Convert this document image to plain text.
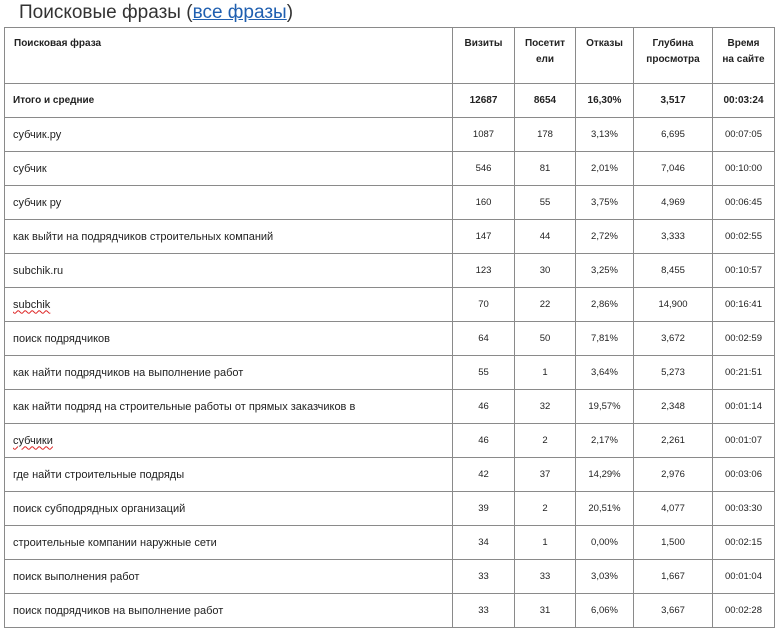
Поисковые фразы (все фразы)
Поисковая фраза	Визиты	Посетители	Отказы	Глубина просмотра	Время на сайте
Итого и средние	12687	8654	16,30%	3,517	00:03:24
субчик.ру	1087	178	3,13%	6,695	00:07:05
субчик	546	81	2,01%	7,046	00:10:00
субчик ру	160	55	3,75%	4,969	00:06:45
как выйти на подрядчиков строительных компаний	147	44	2,72%	3,333	00:02:55
subchik.ru	123	30	3,25%	8,455	00:10:57
subchik	70	22	2,86%	14,900	00:16:41
поиск подрядчиков	64	50	7,81%	3,672	00:02:59
как найти подрядчиков на выполнение работ	55	1	3,64%	5,273	00:21:51
как найти подряд на строительные работы от прямых заказчиков в	46	32	19,57%	2,348	00:01:14
субчики	46	2	2,17%	2,261	00:01:07
где найти строительные подряды	42	37	14,29%	2,976	00:03:06
поиск субподрядных организаций	39	2	20,51%	4,077	00:03:30
строительные компании наружные сети	34	1	0,00%	1,500	00:02:15
поиск выполнения работ	33	33	3,03%	1,667	00:01:04
поиск подрядчиков на выполнение работ	33	31	6,06%	3,667	00:02:28
